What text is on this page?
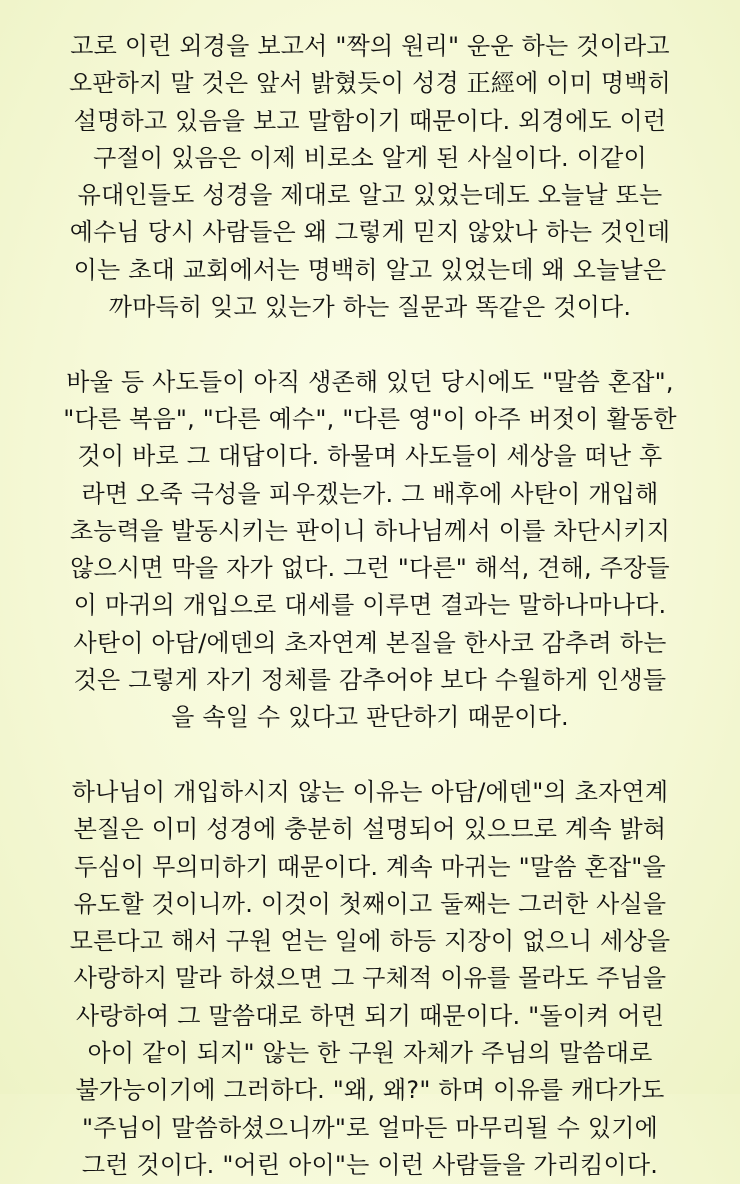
고로 이런 외경을 보고서 "짝의 원리" 운운 하는 것이라고
오판하지 말 것은 앞서 밝혔듯이 성경 正經에 이미 명백히
설명하고 있음을 보고 말함이기 때문이다. 외경에도 이런
구절이 있음은 이제 비로소 알게 된 사실이다. 이같이
유대인들도 성경을 제대로 알고 있었는데도 오늘날 또는
예수님 당시 사람들은 왜 그렇게 믿지 않았나 하는 것인데
이는 초대 교회에서는 명백히 알고 있었는데 왜 오늘날은
까마득히 잊고 있는가 하는 질문과 똑같은 것이다.
바울 등 사도들이 아직 생존해 있던 당시에도 "말씀 혼잡",
"다른 복음", "다른 예수", "다른 영"이 아주 버젓이 활동한
것이 바로 그 대답이다. 하물며 사도들이 세상을 떠난 후
라면 오죽 극성을 피우겠는가. 그 배후에 사탄이 개입해
초능력을 발동시키는 판이니 하나님께서 이를 차단시키지
않으시면 막을 자가 없다. 그런 "다른" 해석, 견해, 주장들
이 마귀의 개입으로 대세를 이루면 결과는 말하나마나다.
사탄이 아담/에덴의 초자연계 본질을 한사코 감추려 하는
것은 그렇게 자기 정체를 감추어야 보다 수월하게 인생들
을 속일 수 있다고 판단하기 때문이다.
하나님이 개입하시지 않는 이유는 아담/에덴"의 초자연계
본질은 이미 성경에 충분히 설명되어 있으므로 계속 밝혀
두심이 무의미하기 때문이다. 계속 마귀는 "말씀 혼잡"을
유도할 것이니까. 이것이 첫째이고 둘째는 그러한 사실을
모른다고 해서 구원 얻는 일에 하등 지장이 없으니 세상을
사랑하지 말라 하셨으면 그 구체적 이유를 몰라도 주님을
사랑하여 그 말씀대로 하면 되기 때문이다. "돌이켜 어린
아이 같이 되지" 않는 한 구원 자체가 주님의 말씀대로
불가능이기에 그러하다. "왜, 왜?" 하며 이유를 캐다가도
"주님이 말씀하셨으니까"로 얼마든 마무리될 수 있기에
그런 것이다. "어린 아이"는 이런 사람들을 가리킴이다.
